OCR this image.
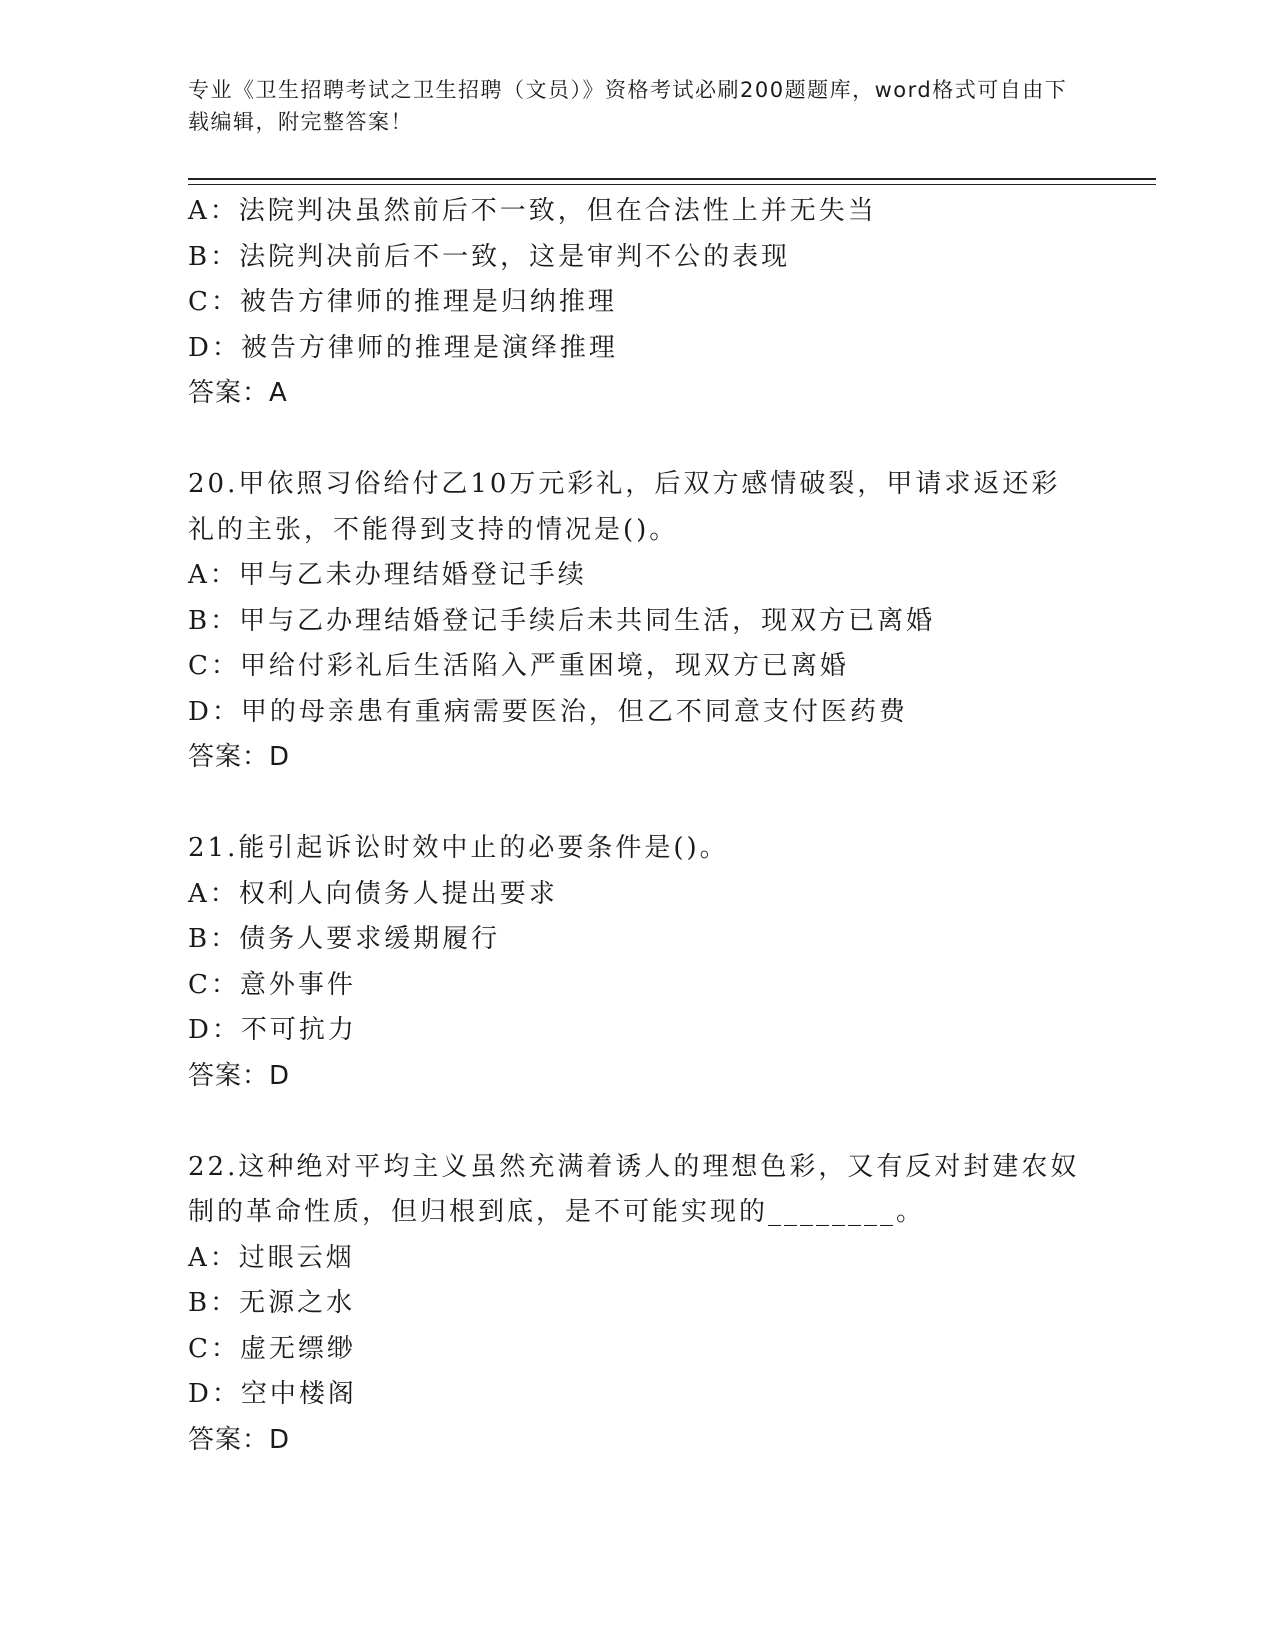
专业《卫生招聘考试之卫生招聘（文员）》资格考试必刷200题题库，word格式可自由下载编辑，附完整答案！

A：法院判决虽然前后不一致，但在合法性上并无失当

B：法院判决前后不一致，这是审判不公的表现

C：被告方律师的推理是归纳推理

D：被告方律师的推理是演绎推理

答案：A

20.甲依照习俗给付乙10万元彩礼，后双方感情破裂，甲请求返还彩礼的主张，不能得到支持的情况是()。

A：甲与乙未办理结婚登记手续

B：甲与乙办理结婚登记手续后未共同生活，现双方已离婚

C：甲给付彩礼后生活陷入严重困境，现双方已离婚

D：甲的母亲患有重病需要医治，但乙不同意支付医药费

答案：D

21.能引起诉讼时效中止的必要条件是()。

A：权利人向债务人提出要求

B：债务人要求缓期履行

C：意外事件

D：不可抗力

答案：D

22.这种绝对平均主义虽然充满着诱人的理想色彩，又有反对封建农奴制的革命性质，但归根到底，是不可能实现的________。

A：过眼云烟

B：无源之水

C：虚无缥缈

D：空中楼阁

答案：D
